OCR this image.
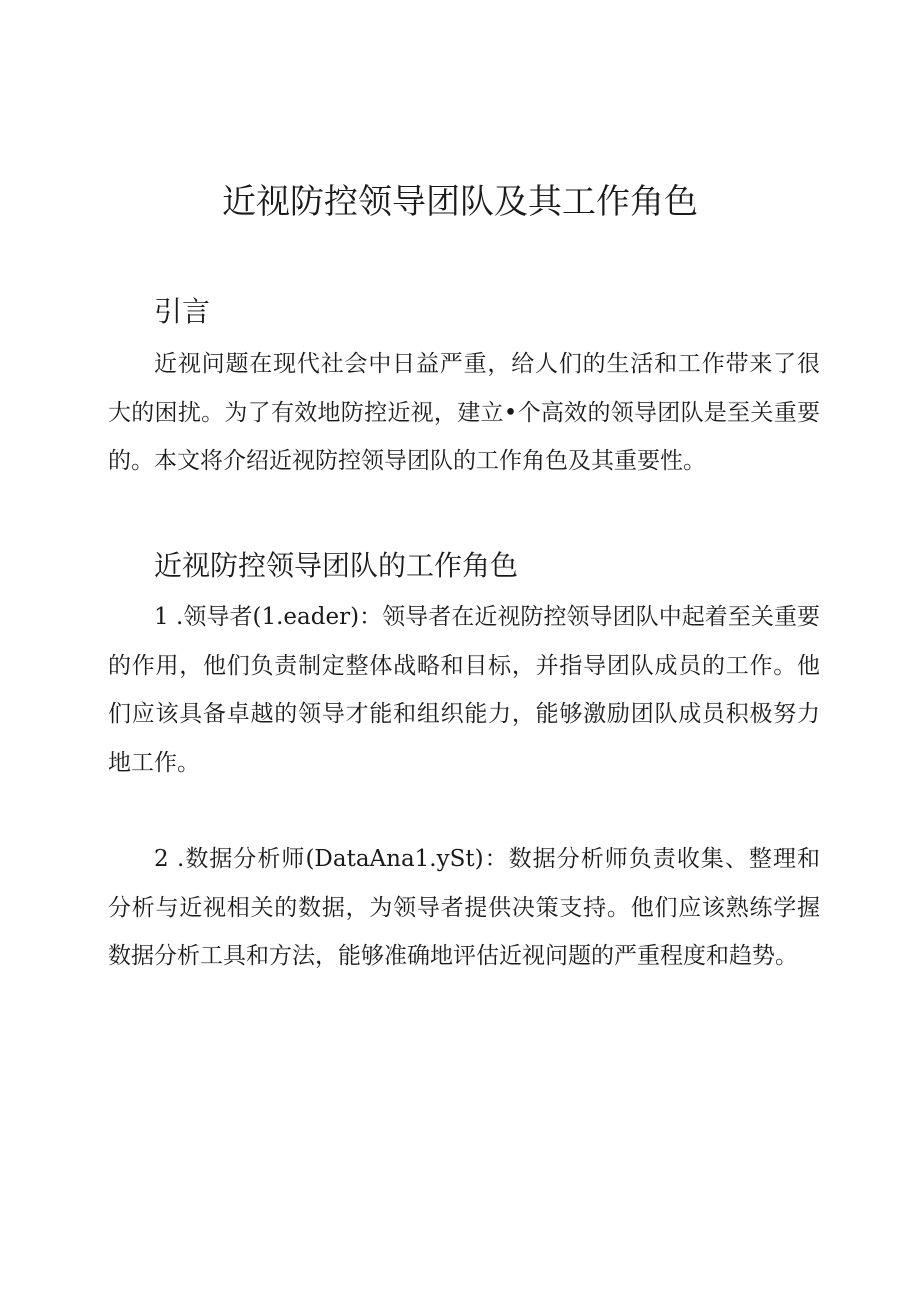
近视防控领导团队及其工作角色
引言

近视问题在现代社会中日益严重，给人们的生活和工作带来了很大的困扰。为了有效地防控近视，建立•个高效的领导团队是至关重要的。本文将介绍近视防控领导团队的工作角色及其重要性。

近视防控领导团队的工作角色

1 .领导者(1.eader)：领导者在近视防控领导团队中起着至关重要的作用，他们负责制定整体战略和目标，并指导团队成员的工作。他们应该具备卓越的领导才能和组织能力，能够激励团队成员积极努力地工作。

2 .数据分析师(DataAna1.ySt)：数据分析师负责收集、整理和分析与近视相关的数据，为领导者提供决策支持。他们应该熟练学握数据分析工具和方法，能够准确地评估近视问题的严重程度和趋势。
